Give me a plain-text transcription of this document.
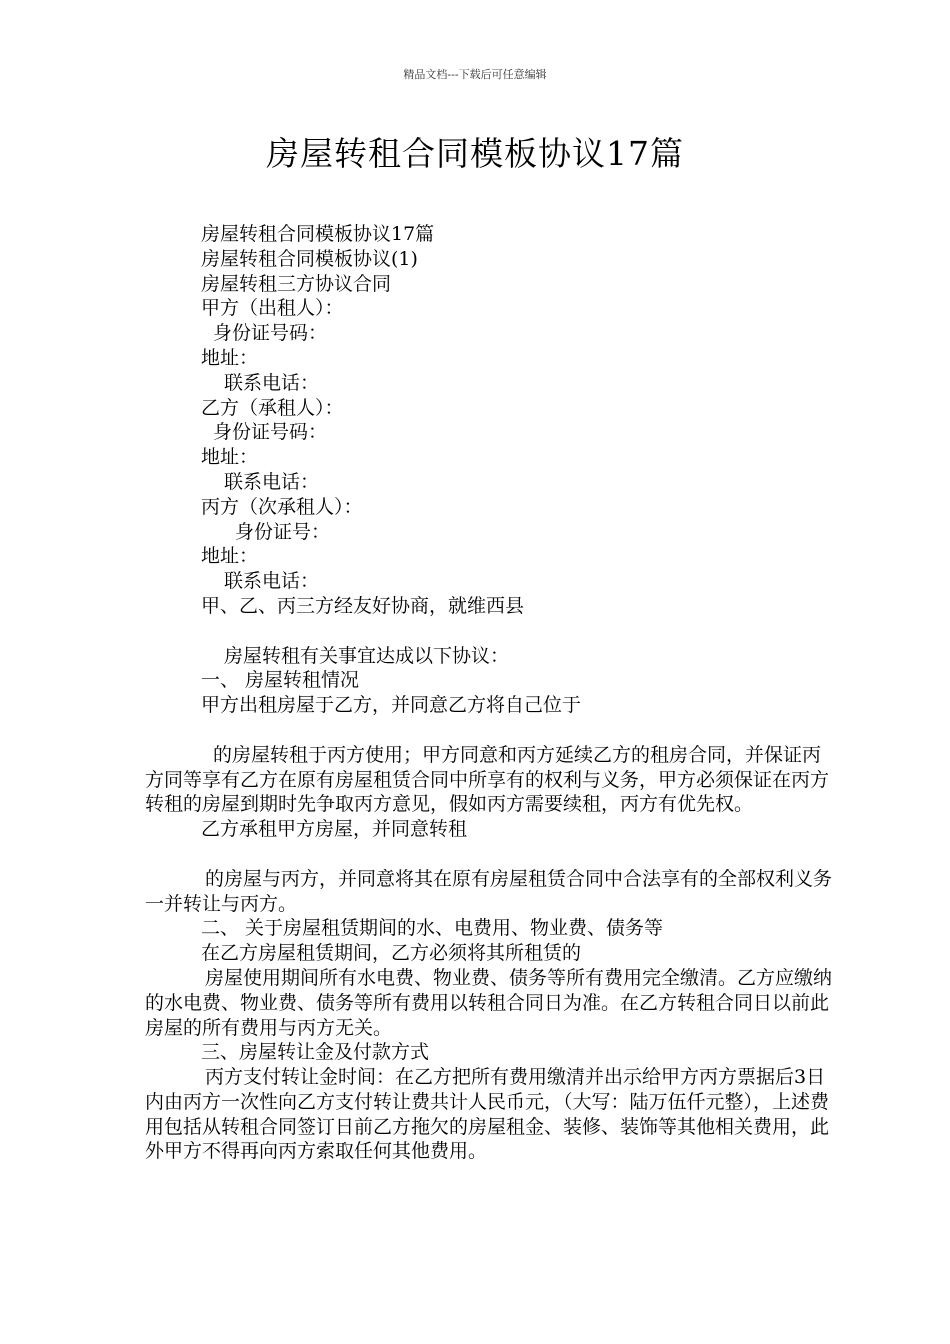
精品文档---下载后可任意编辑
房屋转租合同模板协议17篇
房屋转租合同模板协议17篇
房屋转租合同模板协议(1)
房屋转租三方协议合同
甲方（出租人）：
身份证号码：
地址：
联系电话：
乙方（承租人）：
身份证号码：
地址：
联系电话：
丙方（次承租人）：
身份证号：
地址：
联系电话：
甲、乙、丙三方经友好协商，就维西县
房屋转租有关事宜达成以下协议：
一、 房屋转租情况
甲方出租房屋于乙方，并同意乙方将自己位于
的房屋转租于丙方使用；甲方同意和丙方延续乙方的租房合同，并保证丙方同等享有乙方在原有房屋租赁合同中所享有的权利与义务，甲方必须保证在丙方转租的房屋到期时先争取丙方意见，假如丙方需要续租，丙方有优先权。
乙方承租甲方房屋，并同意转租
的房屋与丙方，并同意将其在原有房屋租赁合同中合法享有的全部权利义务一并转让与丙方。
二、 关于房屋租赁期间的水、电费用、物业费、债务等
在乙方房屋租赁期间，乙方必须将其所租赁的
房屋使用期间所有水电费、物业费、债务等所有费用完全缴清。乙方应缴纳的水电费、物业费、债务等所有费用以转租合同日为准。在乙方转租合同日以前此房屋的所有费用与丙方无关。
三、房屋转让金及付款方式
丙方支付转让金时间：在乙方把所有费用缴清并出示给甲方丙方票据后3日内由丙方一次性向乙方支付转让费共计人民币元，（大写：陆万伍仟元整），上述费用包括从转租合同签订日前乙方拖欠的房屋租金、装修、装饰等其他相关费用，此外甲方不得再向丙方索取任何其他费用。
